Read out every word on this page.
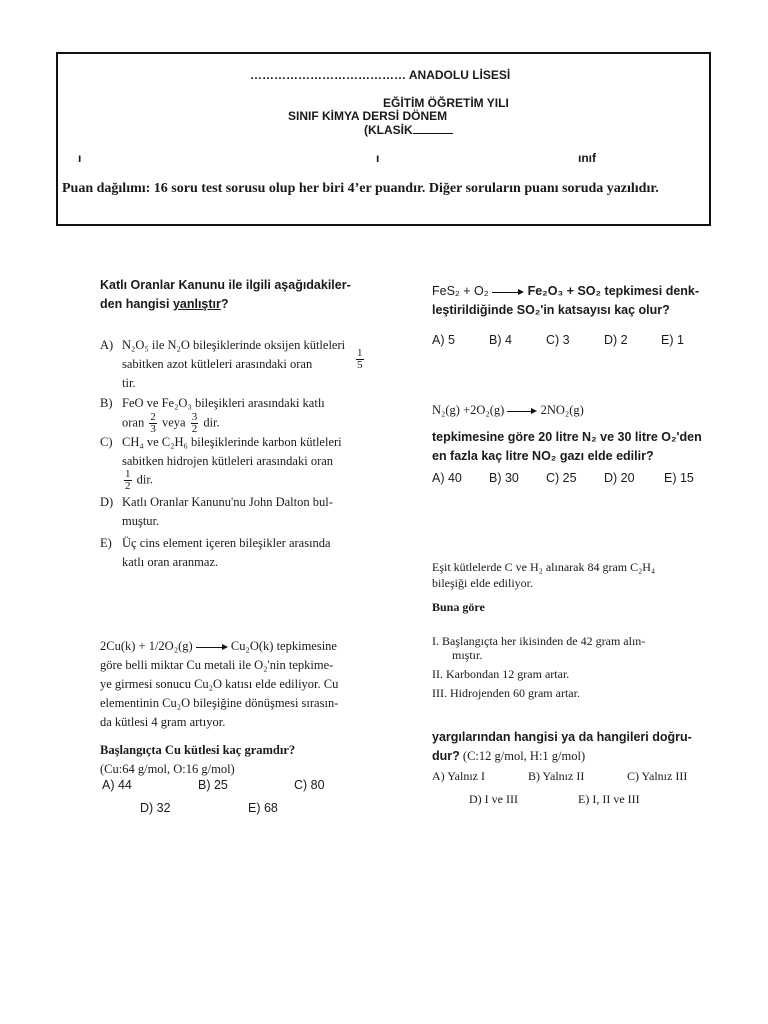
………………………………… ANADOLU LİSESİ
EĞİTİM ÖĞRETİM YILI
SINIF KİMYA DERSİ DÖNEM
(KLASİK
ı	ı	ınıf
Puan dağılımı: 16 soru test sorusu olup her biri 4’er puandır. Diğer soruların puanı soruda yazılıdır.
Katlı Oranlar Kanunu ile ilgili aşağıdakiler-
den hangisi yanlıştır?
A) N₂O₅ ile N₂O bileşiklerinde oksijen kütleleri
sabitken azot kütleleri arasındaki oran	$\frac{1}{5}$
tir.
B) FeO ve Fe₂O₃ bileşikleri arasındaki katlı
oran $\frac{2}{3}$ veya $\frac{3}{2}$ dir.
C) CH₄ ve C₂H₆ bileşiklerinde karbon kütleleri
sabitken hidrojen kütleleri arasındaki oran
$\frac{1}{2}$ dir.
D) Katlı Oranlar Kanunu'nu John Dalton bul-
muştur.
E) Üç cins element içeren bileşikler arasında
katlı oran aranmaz.
2Cu(k) + 1/2O₂(g)	Cu₂O(k) tepkimesine
göre belli miktar Cu metali ile O₂'nin tepkime-
ye girmesi sonucu Cu₂O katısı elde ediliyor. Cu
elementinin Cu₂O bileşiğine dönüşmesi sırasın-
da kütlesi 4 gram artıyor.
Başlangıçta Cu kütlesi kaç gramdır?
(Cu:64 g/mol, O:16 g/mol)
A) 44	B) 25	C) 80
D) 32	E) 68
FeS₂ + O₂	Fe₂O₃ + SO₂ tepkimesi denk-
leştirildiğinde SO₂'in katsayısı kaç olur?
A) 5	B) 4	C) 3	D) 2	E) 1
N₂(g) +2O₂(g)	2NO₂(g)
tepkimesine göre 20 litre N₂ ve 30 litre O₂'den
en fazla kaç litre NO₂ gazı elde edilir?
A) 40 B) 30 C) 25 D) 20 E) 15
Eşit kütlelerde C ve H₂ alınarak 84 gram C₂H₄
bileşiği elde ediliyor.
Buna göre
I. Başlangıçta her ikisinden de 42 gram alın-
mıştır.
II. Karbondan 12 gram artar.
III. Hidrojenden 60 gram artar.
yargılarından hangisi ya da hangileri doğru-
dur? (C:12 g/mol, H:1 g/mol)
A) Yalnız I	B) Yalnız II	C) Yalnız III
D) I ve III	E) I, II ve III
